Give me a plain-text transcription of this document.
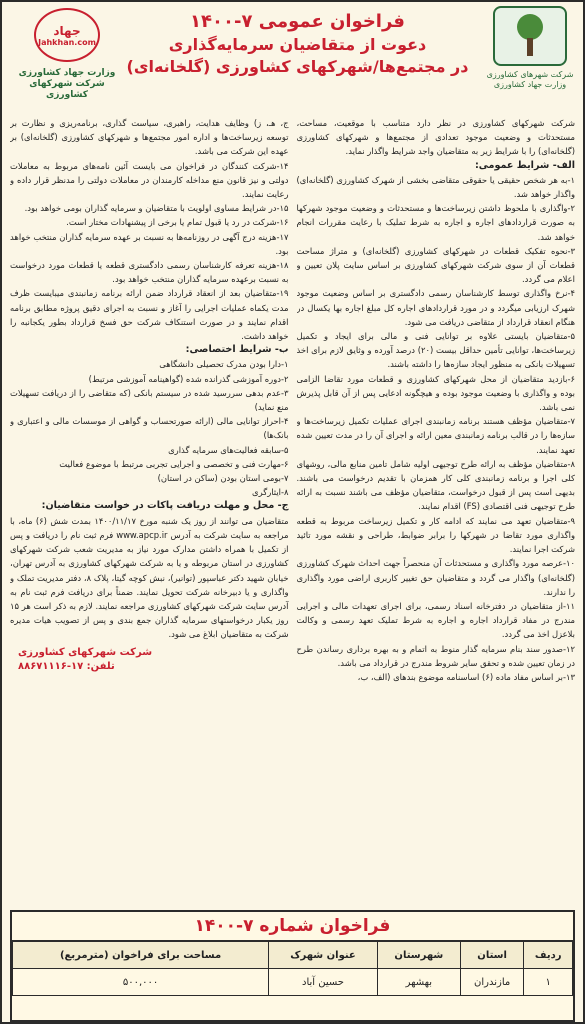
شرکت شهرهای کشاورزی
وزارت جهاد کشاورزی
فراخوان عمومی ۷-۱۴۰۰
دعوت از متقاضیان سرمایه‌گذاری
در مجتمع‌ها/شهرکهای کشاورزی (گلخانه‌ای)
جهاد
Jahkhan.com
وزارت جهاد کشاورزی
شرکت شهرکهای کشاورزی

شرکت شهرکهای کشاورزی در نظر دارد متناسب با موقعیت، مساحت، مستحدثات و وضعیت موجود تعدادی از مجتمع‌ها و شهرکهای کشاورزی (گلخانه‌ای) را با شرایط زیر به متقاضیان واجد شرایط واگذار نماید.

الف- شرایط عمومی:

۱-به هر شخص حقیقی یا حقوقی متقاضی بخشی از شهرک کشاورزی (گلخانه‌ای) واگذار خواهد شد.

۲-واگذاری با ملحوظ داشتن زیرساخت‌ها و مستحدثات و وضعیت موجود شهرکها به صورت قراردادهای اجاره و اجاره به شرط تملیک با رعایت مقررات انجام خواهد شد.

۳-نحوه تفکیک قطعات در شهرکهای کشاورزی (گلخانه‌ای) و متراژ مساحت قطعات آن از سوی شرکت شهرکهای کشاورزی بر اساس سایت پلان تعیین و اعلام می گردد.

۴-نرخ واگذاری توسط کارشناسان رسمی دادگستری بر اساس وضعیت موجود شهرک ارزیابی میگردد و در مورد قراردادهای اجاره کل مبلغ اجاره بها یکسال در هنگام انعقاد قرارداد از متقاضی دریافت می شود.

۵-متقاضیان بایستی علاوه بر توانایی فنی و مالی برای ایجاد و تکمیل زیرساخت‌ها، توانایی تأمین حداقل بیست (۲۰) درصد آورده و وثایق لازم برای اخذ تسهیلات بانکی به منظور ایجاد سازه‌ها را داشته باشند.

۶-بازدید متقاضیان از محل شهرکهای کشاورزی و قطعات مورد تقاضا الزامی بوده و واگذاری با وضعیت موجود بوده و هیچگونه ادعایی پس از آن قابل پذیرش نمی باشد.

۷-متقاضیان مؤظف هستند برنامه زمانبندی اجرای عملیات تکمیل زیرساخت‌ها و سازه‌ها را در قالب برنامه زمانبندی معین ارائه و اجرای آن را در مدت تعیین شده تعهد نمایند.

۸-متقاضیان مؤظف به ارائه طرح توجیهی اولیه شامل تامین منابع مالی، روشهای کلی اجرا و برنامه زمانبندی کلی کار همزمان با تقدیم درخواست می باشند. بدیهی است پس از قبول درخواست، متقاضیان مؤظف می باشند نسبت به ارائه طرح توجیهی فنی اقتصادی (FS) اقدام نمایند.

۹-متقاضیان تعهد می نمایند که ادامه کار و تکمیل زیرساخت مربوط به قطعه واگذاری مورد تقاضا در شهرکها را برابر ضوابط، طراحی و نقشه مورد تائید شرکت اجرا نمایند.

۱۰-عرصه مورد واگذاری و مستحدثات آن منحصراً جهت احداث شهرک کشاورزی (گلخانه‌ای) واگذار می گردد و متقاضیان حق تغییر کاربری اراضی مورد واگذاری را ندارند.

۱۱-از متقاضیان در دفترخانه اسناد رسمی، برای اجرای تعهدات مالی و اجرایی مندرج در مفاد قرارداد اجاره و اجاره به شرط تملیک تعهد رسمی و وکالت بلاعزل اخذ می گردد.

۱۲-صدور سند بنام سرمایه گذار منوط به اتمام و به بهره برداری رساندن طرح در زمان تعیین شده و تحقق سایر شروط مندرج در قرارداد می باشد.

۱۳-بر اساس مفاد ماده (۶) اساسنامه موضوع بندهای (الف، ب،

ج، هـ، ز) وظایف هدایت، راهبری، سیاست گذاری، برنامه‌ریزی و نظارت بر توسعه زیرساخت‌ها و اداره امور مجتمع‌ها و شهرکهای کشاورزی (گلخانه‌ای) بر عهده این شرکت می باشد.

۱۴-شرکت کنندگان در فراخوان می بایست آئین نامه‌های مربوط به معاملات دولتی و نیز قانون منع مداخله کارمندان در معاملات دولتی را مدنظر قرار داده و رعایت نمایند.

۱۵-در شرایط مساوی اولویت با متقاضیان و سرمایه گذاران بومی خواهد بود.

۱۶-شرکت در رد یا قبول تمام یا برخی از پیشنهادات مختار است.

۱۷-هزینه درج آگهی در روزنامه‌ها به نسبت بر عهده سرمایه گذاران منتخب خواهد بود.

۱۸-هزینه تعرفه کارشناسان رسمی دادگستری قطعه یا قطعات مورد درخواست به نسبت برعهده سرمایه گذاران منتخب خواهد بود.

۱۹-متقاضیان بعد از انعقاد قرارداد ضمن ارائه برنامه زمانبندی میبایست ظرف مدت یکماه عملیات اجرایی را آغاز و نسبت به اجرای دقیق پروژه مطابق برنامه اقدام نمایند و در صورت استنکاف شرکت حق فسخ قرارداد بطور یکجانبه را خواهد داشت.

ب- شرایط اختصاصی:

۱-دارا بودن مدرک تحصیلی دانشگاهی

۲-دوره آموزشی گذرانده شده (گواهینامه آموزشی مرتبط)

۳-عدم بدهی سررسید شده در سیستم بانکی (که متقاضی را از دریافت تسهیلات منع نماید)

۴-احراز توانایی مالی (ارائه صورتحساب و گواهی از موسسات مالی و اعتباری و بانک‌ها)

۵-سابقه فعالیت‌های سرمایه گذاری

۶-مهارت فنی و تخصصی و اجرایی تجربی مرتبط با موضوع فعالیت

۷-بومی استان بودن (ساکن در استان)

۸-ایثارگری

ج- محل و مهلت دریافت پاکات در خواست متقاضیان:

متقاضیان می توانند از روز یک شنبه مورخ ۱۴۰۰/۱۱/۱۷ بمدت شش (۶) ماه، با مراجعه به سایت شرکت به آدرس www.apcp.ir فرم ثبت نام را دریافت و پس از تکمیل با همراه داشتن مدارک مورد نیاز به مدیریت شعب شرکت شهرکهای کشاورزی در استان مربوطه و یا به شرکت شهرکهای کشاورزی به آدرس تهران، خیابان شهید دکتر عباسپور (توانیر)، نبش کوچه گیتا، پلاک ۸، دفتر مدیریت تملک و واگذاری و یا دبیرخانه شرکت تحویل نمایند. ضمناً برای دریافت فرم ثبت نام به آدرس سایت شرکت شهرکهای کشاورزی مراجعه نمایند. لازم به ذکر است هر ۱۵ روز یکبار درخواستهای سرمایه گذاران جمع بندی و پس از تصویب هیات مدیره شرکت به متقاضیان ابلاغ می شود.

شرکت شهرکهای کشاورزی
تلفن: ۱۷-۸۸۶۷۱۱۱۶
فراخوان شماره ۷-۱۴۰۰
ردیف	استان	شهرستان	عنوان شهرک	مساحت برای فراخوان (مترمربع)
۱	مازندران	بهشهر	حسین آباد	۵۰۰,۰۰۰
